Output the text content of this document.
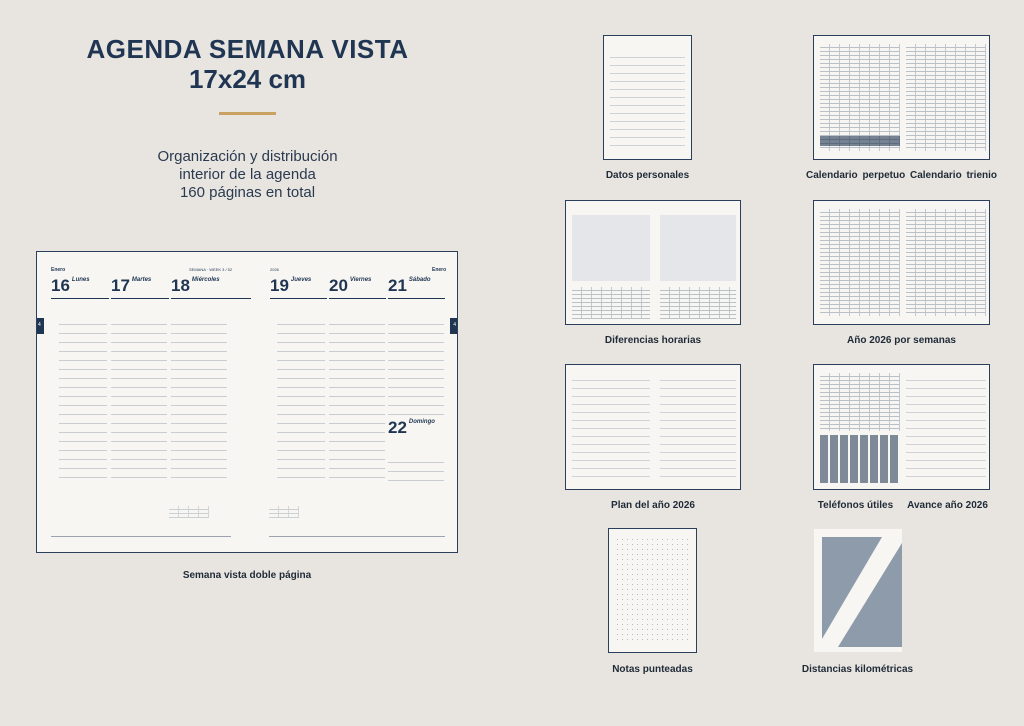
AGENDA SEMANA VISTA
17x24 cm
Organización y distribución
interior de la agenda
160 páginas en total
Enero	SEMANA · WEEK 3 / 52	2026	Enero
16 Lunes 17 Martes 18 Miércoles	19 Jueves 20 Viernes 21 Sábado
22 Domingo
4	4
Semana vista doble página
Datos personales	Calendario perpetuo Calendario trienio
Diferencias horarias	Año 2026 por semanas
Plan del año 2026	Teléfonos útiles	Avance año 2026
Notas punteadas	Distancias kilométricas
